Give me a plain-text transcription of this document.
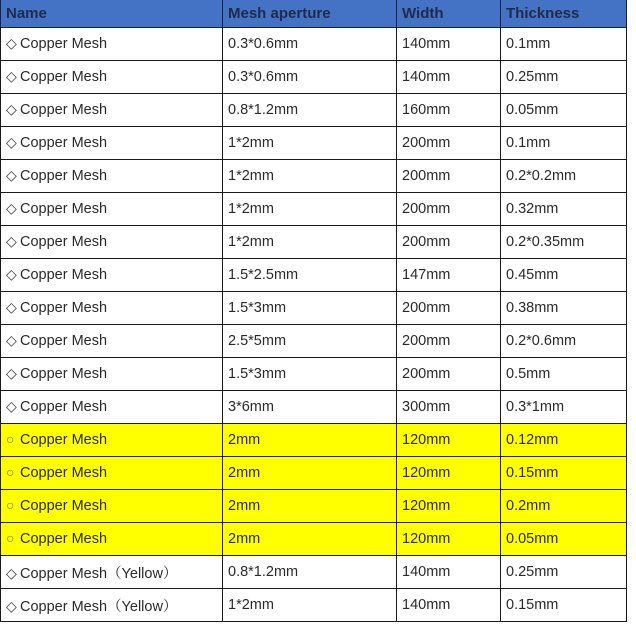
Name	Mesh aperture	Width	Thickness
◇ Copper Mesh	0.3*0.6mm	140mm	0.1mm
◇ Copper Mesh	0.3*0.6mm	140mm	0.25mm
◇ Copper Mesh	0.8*1.2mm	160mm	0.05mm
◇ Copper Mesh	1*2mm	200mm	0.1mm
◇ Copper Mesh	1*2mm	200mm	0.2*0.2mm
◇ Copper Mesh	1*2mm	200mm	0.32mm
◇ Copper Mesh	1*2mm	200mm	0.2*0.35mm
◇ Copper Mesh	1.5*2.5mm	147mm	0.45mm
◇ Copper Mesh	1.5*3mm	200mm	0.38mm
◇ Copper Mesh	2.5*5mm	200mm	0.2*0.6mm
◇ Copper Mesh	1.5*3mm	200mm	0.5mm
◇ Copper Mesh	3*6mm	300mm	0.3*1mm
○ Copper Mesh	2mm	120mm	0.12mm
○ Copper Mesh	2mm	120mm	0.15mm
○ Copper Mesh	2mm	120mm	0.2mm
○ Copper Mesh	2mm	120mm	0.05mm
◇ Copper Mesh（Yellow）	0.8*1.2mm	140mm	0.25mm
◇ Copper Mesh（Yellow）	1*2mm	140mm	0.15mm
